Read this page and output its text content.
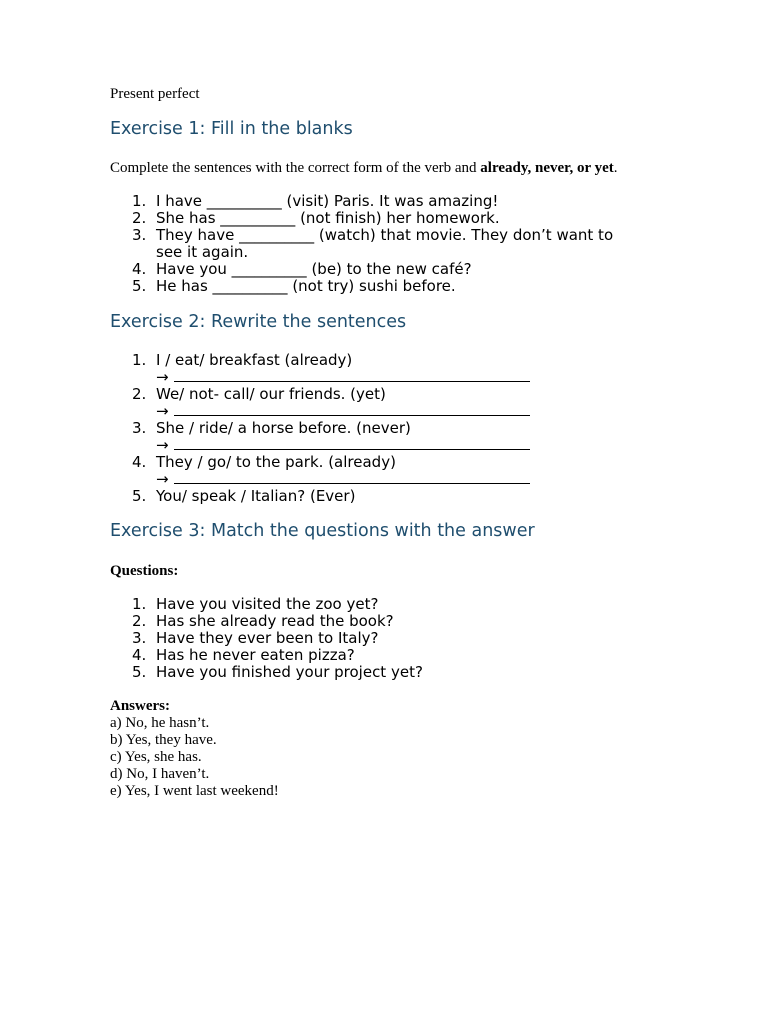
Present perfect
Exercise 1: Fill in the blanks
Complete the sentences with the correct form of the verb and already, never, or yet.
1. I have __________ (visit) Paris. It was amazing!
2. She has __________ (not finish) her homework.
3. They have __________ (watch) that movie. They don’t want to
see it again.
4. Have you __________ (be) to the new café?
5. He has __________ (not try) sushi before.
Exercise 2: Rewrite the sentences
1. I / eat/ breakfast (already)
→
2. We/ not- call/ our friends. (yet)
→
3. She / ride/ a horse before. (never)
→
4. They / go/ to the park. (already)
→
5. You/ speak / Italian? (Ever)
Exercise 3: Match the questions with the answer
Questions:
1. Have you visited the zoo yet?
2. Has she already read the book?
3. Have they ever been to Italy?
4. Has he never eaten pizza?
5. Have you finished your project yet?
Answers:
a) No, he hasn’t.
b) Yes, they have.
c) Yes, she has.
d) No, I haven’t.
e) Yes, I went last weekend!
